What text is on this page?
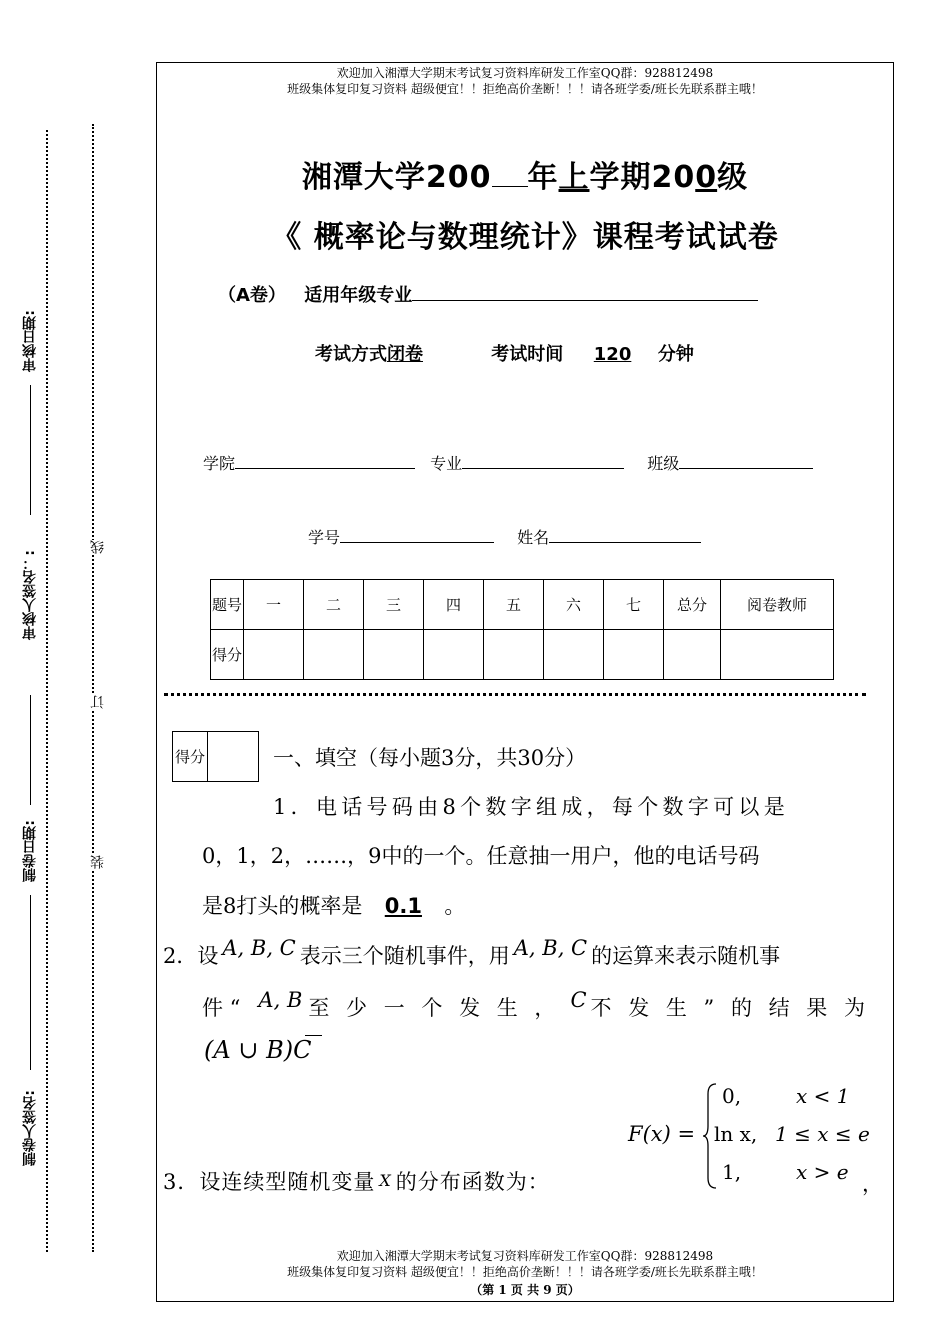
欢迎加入湘潭大学期末考试复习资料库研发工作室QQ群：928812498
班级集体复印复习资料 超级便宜！！拒绝高价垄断！！！请各班学委/班长先联系群主哦！
审核日期:
审核人签名：:
制卷日期:
制卷人签名:
线
订
装
湘潭大学200 年上学期200级
《 概率论与数理统计》课程考试试卷
（A卷） 适用年级专业
考试方式闭卷	考试时间 120 分钟
学院	专业	班级
学号	姓名
题号	一	二	三	四	五	六	七	总分	阅卷教师
得分									
得分		一、填空（每小题3分，共30分）
1．电话号码由8个数字组成，每个数字可以是
0，1，2，……，9中的一个。任意抽一用户，他的电话号码
是8打头的概率是 0.1 。
2．设 A, B, C 表示三个随机事件，用 A, B, C 的运算来表示随机事
件 “ A, B 至 少 一 个 发 生 ， C 不 发 生 ” 的 结 果 为
(A ∪ B)C
3．设连续型随机变量 X 的分布函数为：
F(x) =
0,	x < 1
ln x, 1 ≤ x ≤ e
1,	x > e ，
欢迎加入湘潭大学期末考试复习资料库研发工作室QQ群：928812498
班级集体复印复习资料 超级便宜！！拒绝高价垄断！！！请各班学委/班长先联系群主哦！
（第 1 页 共 9 页）
